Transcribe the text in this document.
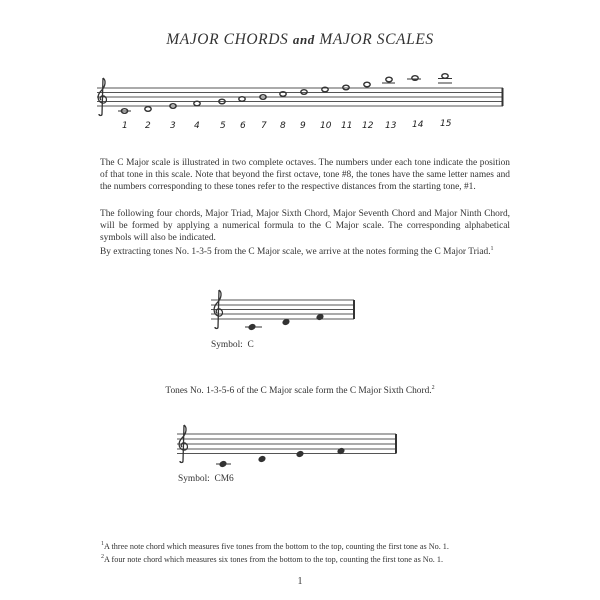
MAJOR CHORDS and MAJOR SCALES
1 2 3 4 5 6 7 8 9 10 11 12 13 14 15

The C Major scale is illustrated in two complete octaves. The numbers under each tone indicate the position of that tone in this scale. Note that beyond the first octave, tone #8, the tones have the same letter names and the numbers corresponding to these tones refer to the respective distances from the starting tone, #1.

The following four chords, Major Triad, Major Sixth Chord, Major Seventh Chord and Major Ninth Chord, will be formed by applying a numerical formula to the C Major scale. The corresponding alphabetical symbols will also be indicated.

By extracting tones No. 1-3-5 from the C Major scale, we arrive at the notes forming the C Major Triad.$^1$

Symbol: C
Tones No. 1-3-5-6 of the C Major scale form the C Major Sixth Chord.$^2$
Symbol: CM6
$^1$A three note chord which measures five tones from the bottom to the top, counting the first tone as No. 1.
$^2$A four note chord which measures six tones from the bottom to the top, counting the first tone as No. 1.
1
